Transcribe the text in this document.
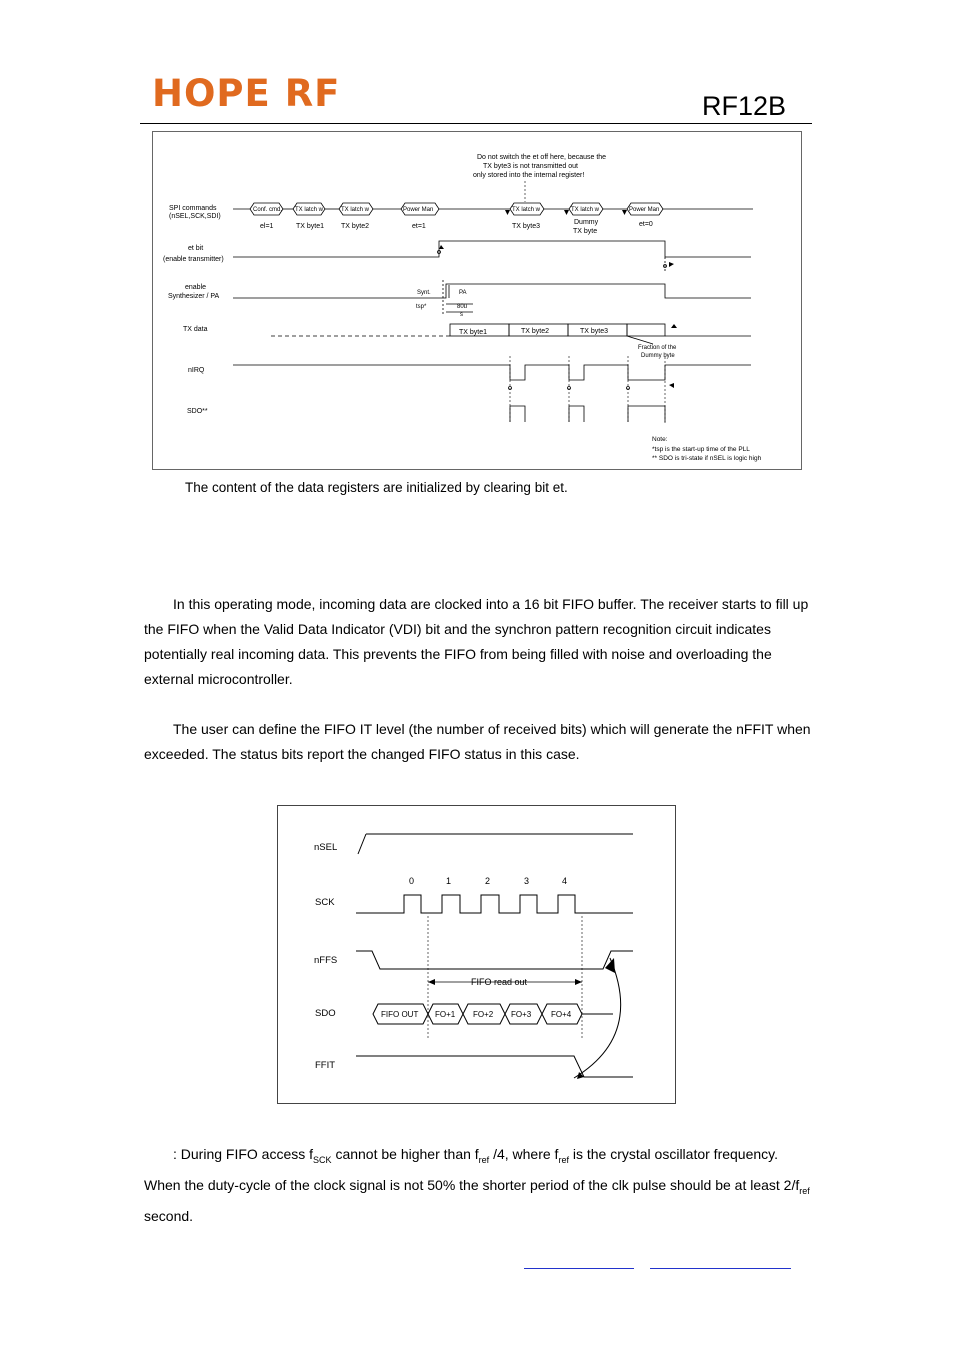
HOPE RF	RF12B
Do not switch the et off here, because the
TX byte3 is not transmitted out
only stored into the internal register!
SPI commands
(nSEL,SCK,SDI)
et bit
(enable transmitter)
enable
Synthesizer / PA
TX data
nIRQ
SDO**
Conf. cmd. TX latch w	TX latch w	Power Man	TX latch w	TX latch w	Power Man
el=1	TX byte1 TX byte2	et=1	TX byte3
Dummy
TX byte
et=0
Synt.	PA
tsp*	80u
s
TX byte1	TX byte2	TX byte3
Fraction of the
Dummy byte
Note:
*tsp is the start-up time of the PLL
** SDO is tri-state if nSEL is logic high
The content of the data registers are initialized by clearing bit et.

In this operating mode, incoming data are clocked into a 16 bit FIFO buffer. The receiver starts to fill up the FIFO when the Valid Data Indicator (VDI) bit and the synchron pattern recognition circuit indicates potentially real incoming data. This prevents the FIFO from being filled with noise and overloading the external microcontroller.

The user can define the FIFO IT level (the number of received bits) which will generate the nFFIT when exceeded. The status bits report the changed FIFO status in this case.

nSEL
SCK
nFFS
SDO
FFIT
0	1	2	3	4
FIFO read out
FIFO OUT FO+1 FO+2 FO+3 FO+4

: During FIFO access $f_{SCK}$ cannot be higher than $f_{ref}$ /4, where $f_{ref}$ is the crystal oscillator frequency. When the duty-cycle of the clock signal is not 50% the shorter period of the clk pulse should be at least $2/f_{ref}$ second.
